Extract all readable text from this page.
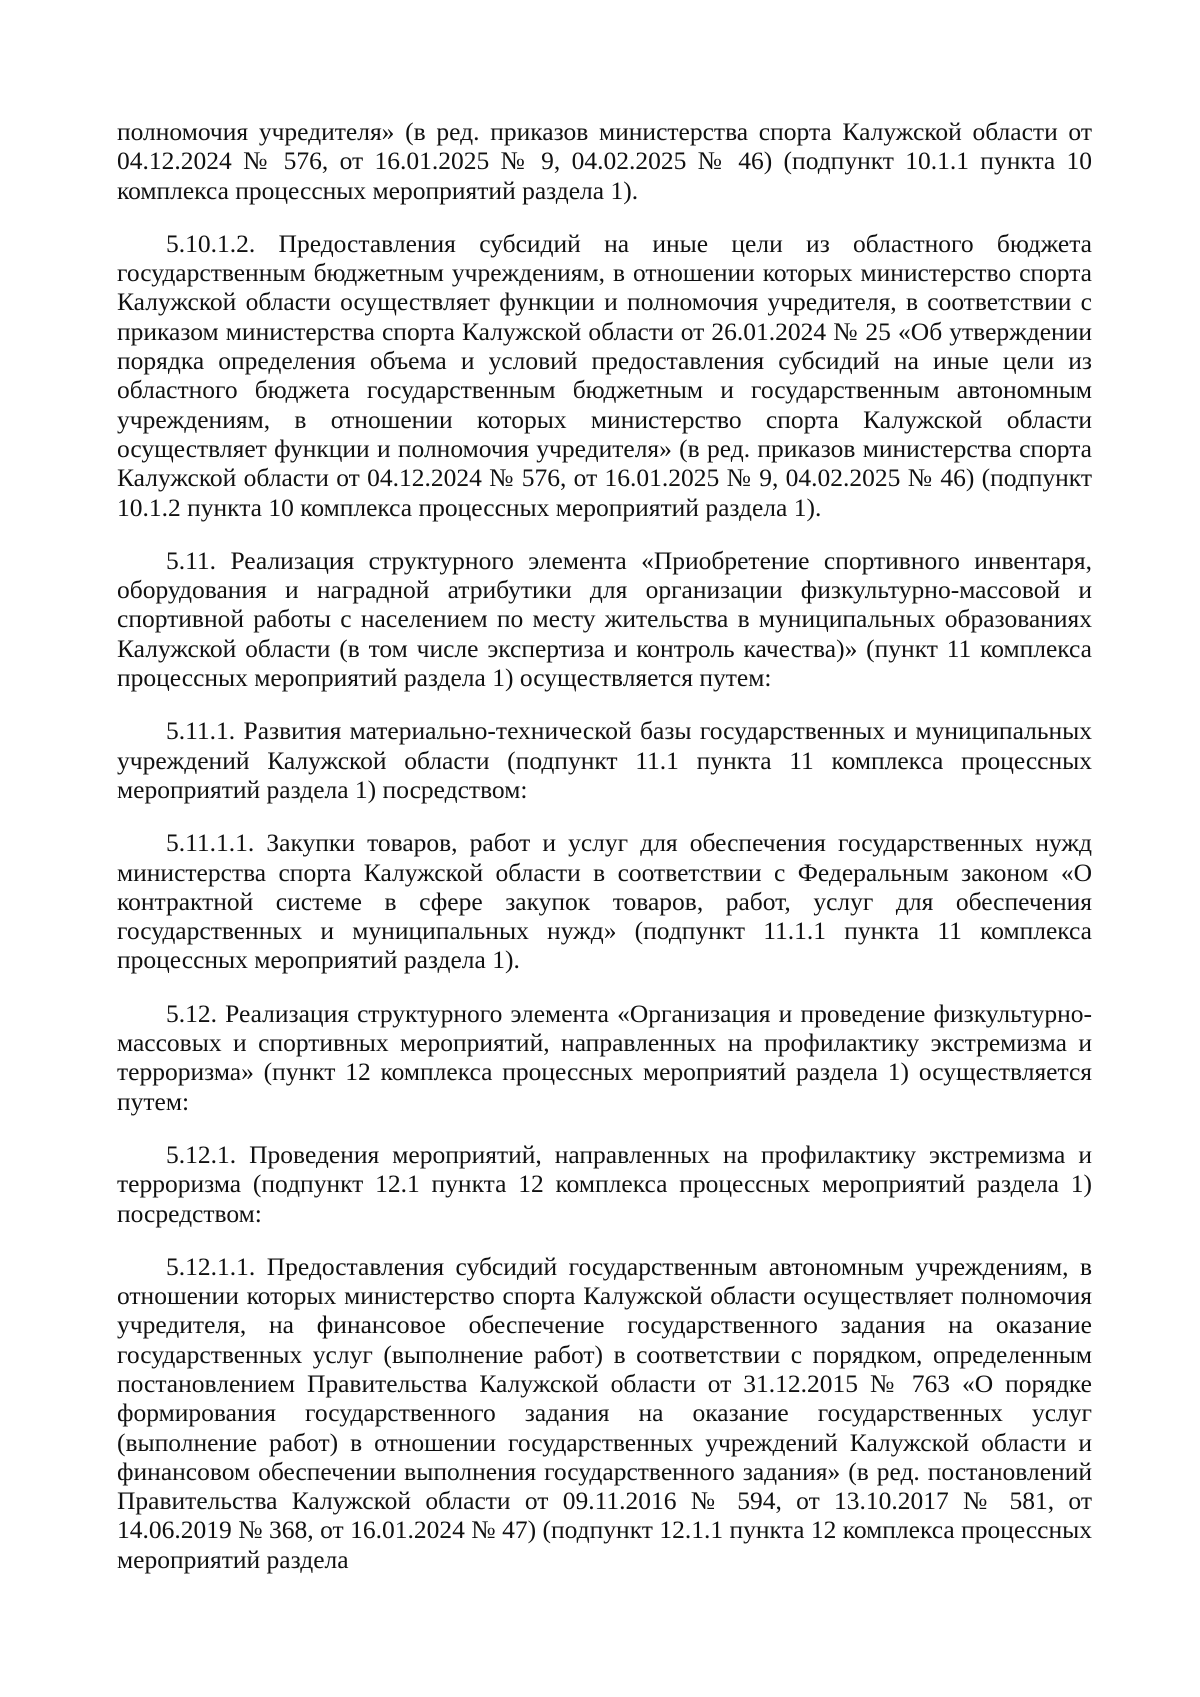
полномочия учредителя» (в ред. приказов министерства спорта Калужской области от 04.12.2024 № 576, от 16.01.2025 № 9, 04.02.2025 № 46) (подпункт 10.1.1 пункта 10 комплекса процессных мероприятий раздела 1).

5.10.1.2. Предоставления субсидий на иные цели из областного бюджета государственным бюджетным учреждениям, в отношении которых министерство спорта Калужской области осуществляет функции и полномочия учредителя, в соответствии с приказом министерства спорта Калужской области от 26.01.2024 № 25 «Об утверждении порядка определения объема и условий предоставления субсидий на иные цели из областного бюджета государственным бюджетным и государственным автономным учреждениям, в отношении которых министерство спорта Калужской области осуществляет функции и полномочия учредителя» (в ред. приказов министерства спорта Калужской области от 04.12.2024 № 576, от 16.01.2025 № 9, 04.02.2025 № 46) (подпункт 10.1.2 пункта 10 комплекса процессных мероприятий раздела 1).

5.11. Реализация структурного элемента «Приобретение спортивного инвентаря, оборудования и наградной атрибутики для организации физкультурно-массовой и спортивной работы с населением по месту жительства в муниципальных образованиях Калужской области (в том числе экспертиза и контроль качества)» (пункт 11 комплекса процессных мероприятий раздела 1) осуществляется путем:

5.11.1. Развития материально-технической базы государственных и муниципальных учреждений Калужской области (подпункт 11.1 пункта 11 комплекса процессных мероприятий раздела 1) посредством:

5.11.1.1. Закупки товаров, работ и услуг для обеспечения государственных нужд министерства спорта Калужской области в соответствии с Федеральным законом «О контрактной системе в сфере закупок товаров, работ, услуг для обеспечения государственных и муниципальных нужд» (подпункт 11.1.1 пункта 11 комплекса процессных мероприятий раздела 1).

5.12. Реализация структурного элемента «Организация и проведение физкультурно-массовых и спортивных мероприятий, направленных на профилактику экстремизма и терроризма» (пункт 12 комплекса процессных мероприятий раздела 1) осуществляется путем:

5.12.1. Проведения мероприятий, направленных на профилактику экстремизма и терроризма (подпункт 12.1 пункта 12 комплекса процессных мероприятий раздела 1) посредством:

5.12.1.1. Предоставления субсидий государственным автономным учреждениям, в отношении которых министерство спорта Калужской области осуществляет полномочия учредителя, на финансовое обеспечение государственного задания на оказание государственных услуг (выполнение работ) в соответствии с порядком, определенным постановлением Правительства Калужской области от 31.12.2015 № 763 «О порядке формирования государственного задания на оказание государственных услуг (выполнение работ) в отношении государственных учреждений Калужской области и финансовом обеспечении выполнения государственного задания» (в ред. постановлений Правительства Калужской области от 09.11.2016 № 594, от 13.10.2017 № 581, от 14.06.2019 № 368, от 16.01.2024 № 47) (подпункт 12.1.1 пункта 12 комплекса процессных мероприятий раздела
